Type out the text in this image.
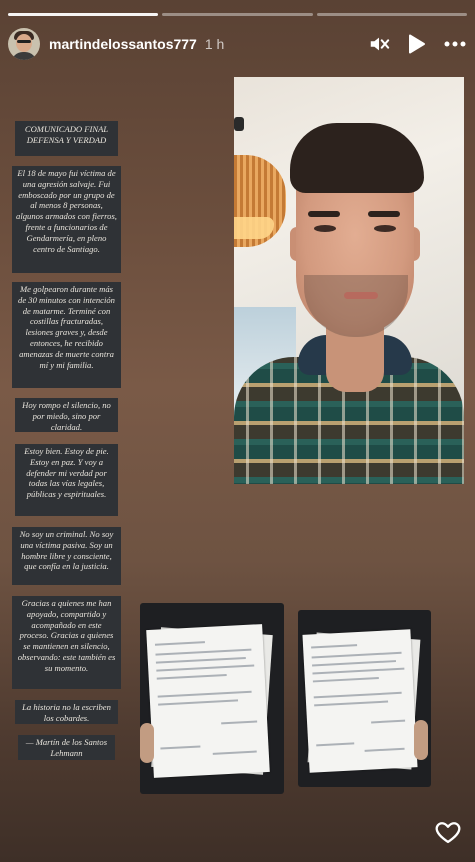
martindelossantos777 1 h
COMUNICADO FINAL DEFENSA Y VERDAD
El 18 de mayo fui víctima de una agresión salvaje. Fui emboscado por un grupo de al menos 8 personas, algunos armados con fierros, frente a funcionarios de Gendarmería, en pleno centro de Santiago.
Me golpearon durante más de 30 minutos con intención de matarme. Terminé con costillas fracturadas, lesiones graves y, desde entonces, he recibido amenazas de muerte contra mí y mi familia.
Hoy rompo el silencio, no por miedo, sino por claridad.
Estoy bien. Estoy de pie. Estoy en paz. Y voy a defender mi verdad por todas las vías legales, públicas y espirituales.
No soy un criminal. No soy una víctima pasiva. Soy un hombre libre y consciente, que confía en la justicia.
Gracias a quienes me han apoyado, compartido y acompañado en este proceso. Gracias a quienes se mantienen en silencio, observando: este también es su momento.
La historia no la escriben los cobardes.
— Martín de los Santos Lehmann
